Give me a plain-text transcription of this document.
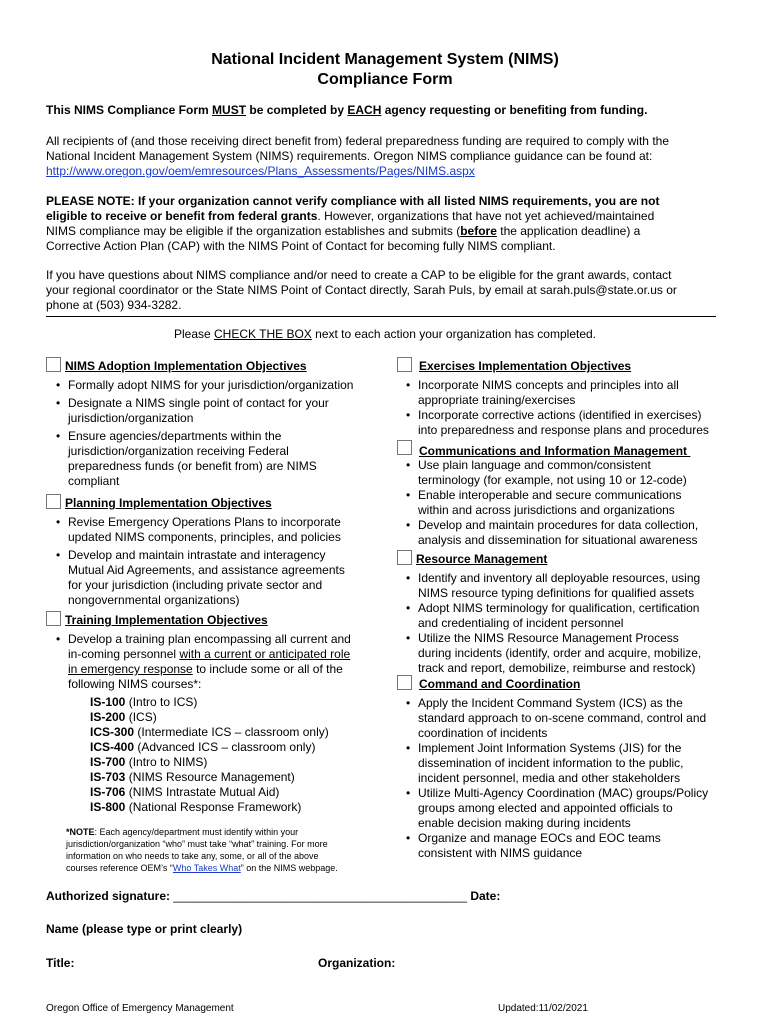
National Incident Management System (NIMS)
Compliance Form
This NIMS Compliance Form MUST be completed by EACH agency requesting or benefiting from funding.
All recipients of (and those receiving direct benefit from) federal preparedness funding are required to comply with the
National Incident Management System (NIMS) requirements. Oregon NIMS compliance guidance can be found at:
http://www.oregon.gov/oem/emresources/Plans_Assessments/Pages/NIMS.aspx
PLEASE NOTE: If your organization cannot verify compliance with all listed NIMS requirements, you are not
eligible to receive or benefit from federal grants. However, organizations that have not yet achieved/maintained
NIMS compliance may be eligible if the organization establishes and submits (before the application deadline) a
Corrective Action Plan (CAP) with the NIMS Point of Contact for becoming fully NIMS compliant.
If you have questions about NIMS compliance and/or need to create a CAP to be eligible for the grant awards, contact
your regional coordinator or the State NIMS Point of Contact directly, Sarah Puls, by email at sarah.puls@state.or.us or
phone at (503) 934-3282.
Please CHECK THE BOX next to each action your organization has completed.
NIMS Adoption Implementation Objectives
• Formally adopt NIMS for your jurisdiction/organization
• Designate a NIMS single point of contact for your
jurisdiction/organization
• Ensure agencies/departments within the
jurisdiction/organization receiving Federal
preparedness funds (or benefit from) are NIMS
compliant
Planning Implementation Objectives
• Revise Emergency Operations Plans to incorporate
updated NIMS components, principles, and policies
• Develop and maintain intrastate and interagency
Mutual Aid Agreements, and assistance agreements
for your jurisdiction (including private sector and
nongovernmental organizations)
Training Implementation Objectives
• Develop a training plan encompassing all current and
in-coming personnel with a current or anticipated role
in emergency response to include some or all of the
following NIMS courses*:
IS-100 (Intro to ICS)
IS-200 (ICS)
ICS-300 (Intermediate ICS – classroom only)
ICS-400 (Advanced ICS – classroom only)
IS-700 (Intro to NIMS)
IS-703 (NIMS Resource Management)
IS-706 (NIMS Intrastate Mutual Aid)
IS-800 (National Response Framework)
*NOTE: Each agency/department must identify within your
jurisdiction/organization “who” must take “what” training. For more
information on who needs to take any, some, or all of the above
courses reference OEM’s “Who Takes What” on the NIMS webpage.
Exercises Implementation Objectives
• Incorporate NIMS concepts and principles into all
appropriate training/exercises
• Incorporate corrective actions (identified in exercises)
into preparedness and response plans and procedures
Communications and Information Management
• Use plain language and common/consistent
terminology (for example, not using 10 or 12-code)
• Enable interoperable and secure communications
within and across jurisdictions and organizations
• Develop and maintain procedures for data collection,
analysis and dissemination for situational awareness
Resource Management
• Identify and inventory all deployable resources, using
NIMS resource typing definitions for qualified assets
• Adopt NIMS terminology for qualification, certification
and credentialing of incident personnel
• Utilize the NIMS Resource Management Process
during incidents (identify, order and acquire, mobilize,
track and report, demobilize, reimburse and restock)
Command and Coordination
• Apply the Incident Command System (ICS) as the
standard approach to on-scene command, control and
coordination of incidents
• Implement Joint Information Systems (JIS) for the
dissemination of incident information to the public,
incident personnel, media and other stakeholders
• Utilize Multi-Agency Coordination (MAC) groups/Policy
groups among elected and appointed officials to
enable decision making during incidents
• Organize and manage EOCs and EOC teams
consistent with NIMS guidance
Authorized signature: ____________________________________________ Date:
Name (please type or print clearly)
Title:	Organization:
Oregon Office of Emergency Management	Updated:11/02/2021
